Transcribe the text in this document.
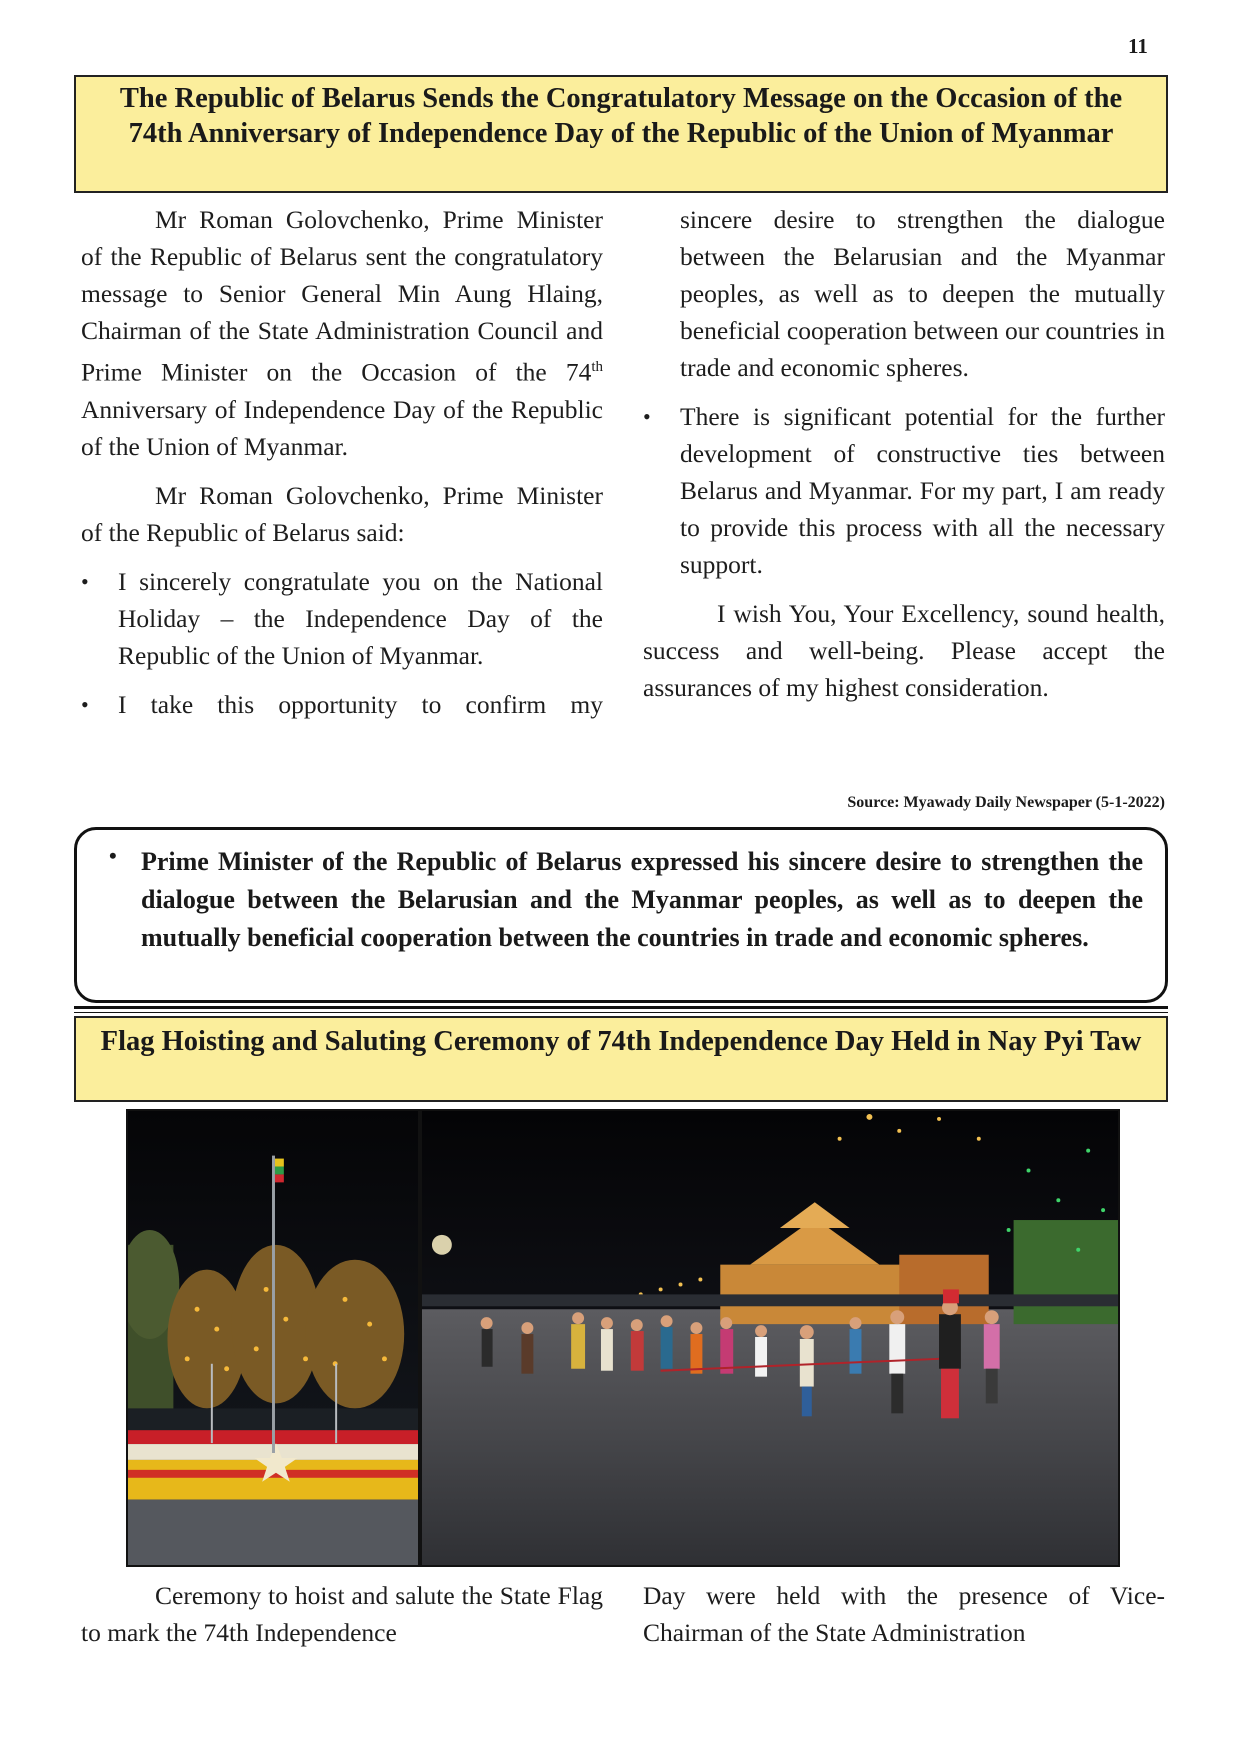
11
The Republic of Belarus Sends the Congratulatory Message on the Occasion of the 74th Anniversary of Independence Day of the Republic of the Union of Myanmar

Mr Roman Golovchenko, Prime Minister of the Republic of Belarus sent the congratulatory message to Senior General Min Aung Hlaing, Chairman of the State Administration Council and Prime Minister on the Occasion of the 74th Anniversary of Independence Day of the Republic of the Union of Myanmar.

Mr Roman Golovchenko, Prime Minister of the Republic of Belarus said:

• I sincerely congratulate you on the National Holiday – the Independence Day of the Republic of the Union of Myanmar.
• I take this opportunity to confirm my
sincere desire to strengthen the dialogue between the Belarusian and the Myanmar peoples, as well as to deepen the mutually beneficial cooperation between our countries in trade and economic spheres.
• There is significant potential for the further development of constructive ties between Belarus and Myanmar. For my part, I am ready to provide this process with all the necessary support.

I wish You, Your Excellency, sound health, success and well-being. Please accept the assurances of my highest consideration.

Source: Myawady Daily Newspaper (5-1-2022)
• Prime Minister of the Republic of Belarus expressed his sincere desire to strengthen the dialogue between the Belarusian and the Myanmar peoples, as well as to deepen the mutually beneficial cooperation between the countries in trade and economic spheres.
Flag Hoisting and Saluting Ceremony of 74th Independence Day Held in Nay Pyi Taw

Ceremony to hoist and salute the State Flag to mark the 74th Independence

Day were held with the presence of Vice-Chairman of the State Administration
